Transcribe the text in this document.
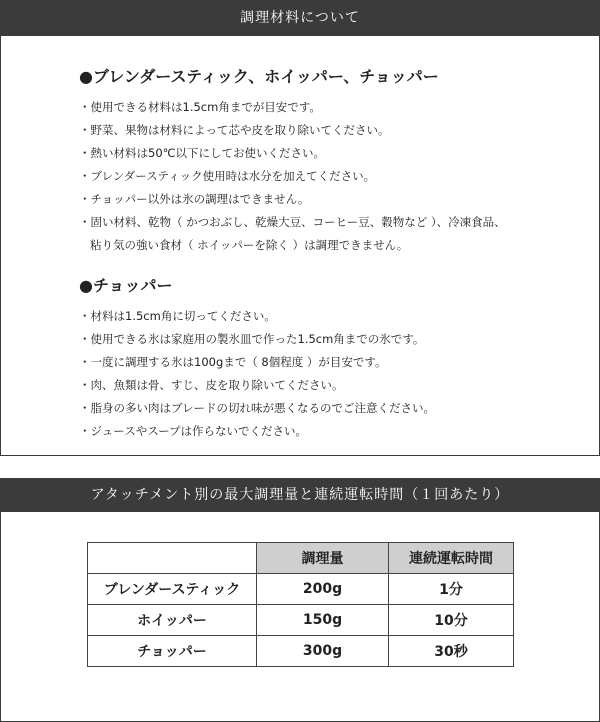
調理材料について
●ブレンダースティック、ホイッパー、チョッパー

・使用できる材料は1.5cm角までが目安です。

・野菜、果物は材料によって芯や皮を取り除いてください。

・熱い材料は50℃以下にしてお使いください。

・ブレンダースティック使用時は水分を加えてください。

・チョッパー以外は氷の調理はできません。

・固い材料、乾物（ かつおぶし、乾燥大豆、コーヒー豆、穀物など ）、冷凍食品、

粘り気の強い食材（ ホイッパーを除く ）は調理できません。

●チョッパー

・材料は1.5cm角に切ってください。

・使用できる氷は家庭用の製氷皿で作った1.5cm角までの氷です。

・一度に調理する氷は100gまで（ 8個程度 ）が目安です。

・肉、魚類は骨、すじ、皮を取り除いてください。

・脂身の多い肉はブレードの切れ味が悪くなるのでご注意ください。

・ジュースやスープは作らないでください。

アタッチメント別の最大調理量と連続運転時間（１回あたり）
	調理量	連続運転時間
ブレンダースティック	200g	1分
ホイッパー	150g	10分
チョッパー	300g	30秒
